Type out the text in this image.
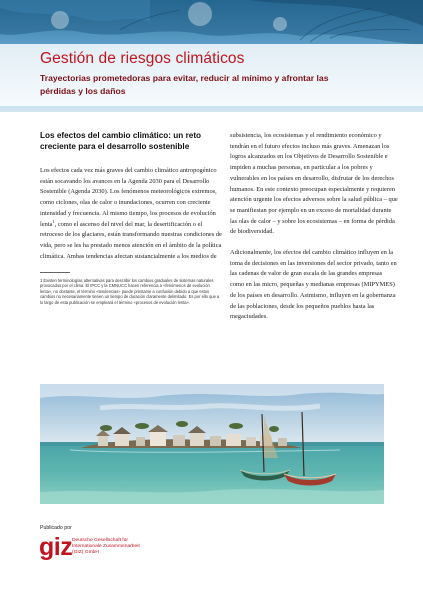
Gestión de riesgos climáticos
Trayectorias prometedoras para evitar, reducir al mínimo y afrontar las pérdidas y los daños
Los efectos del cambio climático: un reto creciente para el desarrollo sostenible

Los efectos cada vez más graves del cambio climático antropogénico están socavando los avances en la Agenda 2030 para el Desarrollo Sostenible (Agenda 2030). Los fenómenos meteorológicos extremos, como ciclones, olas de calor o inundaciones, ocurren con creciente intensidad y frecuencia. Al mismo tiempo, los procesos de evolución lenta$^1$, como el ascenso del nivel del mar, la desertificación o el retroceso de los glaciares, están transformando nuestras condiciones de vida, pero se les ha prestado menos atención en el ámbito de la política climática. Ambas tendencias afectan sustancialmente a los medios de

1 Existen terminologías alternativas para describir los cambios graduales de sistemas naturales provocados por el clima. El IPCC y la CMNUCC hacen referencia a «fenómenos de evolución lenta», no obstante, el término «tendencias» puede prestarse a confusión debido a que estos cambios no necesariamente tienen un tiempo de duración claramente delimitado. Es por ello que a lo largo de esta publicación se empleará el término «procesos de evolución lenta».

subsistencia, los ecosistemas y el rendimiento económico y tendrán en el futuro efectos incluso más graves. Amenazan los logros alcanzados en los Objetivos de Desarrollo Sostenible e impiden a muchas personas, en particular a los pobres y vulnerables en los países en desarrollo, disfrutar de los derechos humanos. En este contexto preocupan especialmente y requieren atención urgente los efectos adversos sobre la salud pública – que se manifiestan por ejemplo en un exceso de mortalidad durante las olas de calor – y sobre los ecosistemas – en forma de pérdida de biodiversidad.

Adicionalmente, los efectos del cambio climático influyen en la toma de decisiones en las inversiones del sector privado, tanto en las cadenas de valor de gran escala de las grandes empresas como en las micro, pequeñas y medianas empresas (MIPYMES) de los países en desarrollo. Asimismo, influyen en la gobernanza de las poblaciones, desde los pequeños pueblos hasta las megaciudades.

Publicado por
giz Deutsche Gesellschaft für Internationale Zusammenarbeit (GIZ) GmbH
